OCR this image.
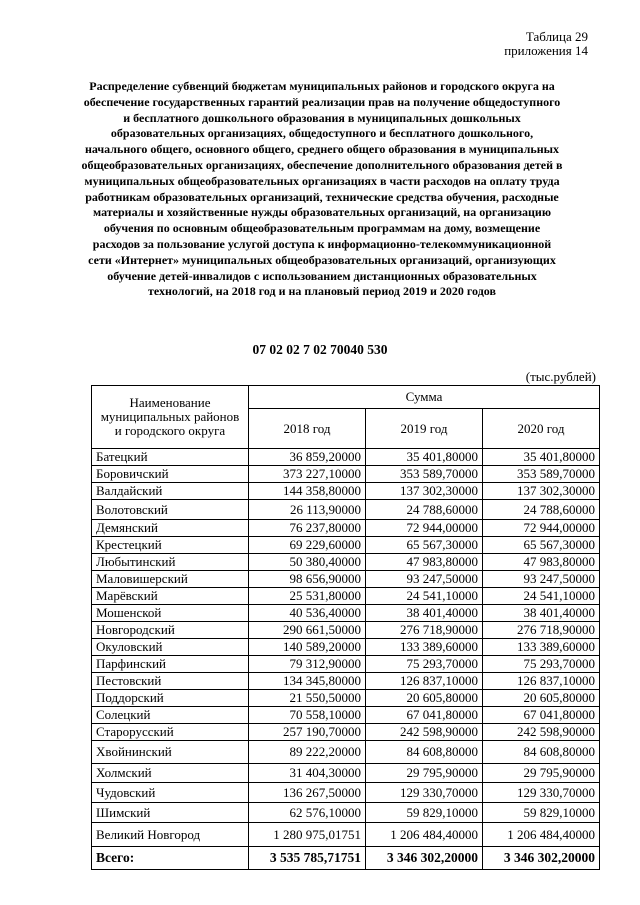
Таблица 29
приложения 14
Распределение субвенций бюджетам муниципальных районов и городского округа на обеспечение государственных гарантий реализации прав на получение общедоступного и бесплатного дошкольного образования в муниципальных дошкольных образовательных организациях, общедоступного и бесплатного дошкольного, начального общего, основного общего, среднего общего образования в муниципальных общеобразовательных организациях, обеспечение дополнительного образования детей в муниципальных общеобразовательных организациях в части расходов на оплату труда работникам образовательных организаций, технические средства обучения, расходные материалы и хозяйственные нужды образовательных организаций, на организацию обучения по основным общеобразовательным программам на дому, возмещение расходов за пользование услугой доступа к информационно-телекоммуникационной сети «Интернет» муниципальных общеобразовательных организаций, организующих обучение детей-инвалидов с использованием дистанционных образовательных технологий, на 2018 год и на плановый период 2019 и 2020 годов
07 02 02 7 02 70040 530
(тыс.рублей)
Наименование муниципальных районов и городского округа	Сумма		
	2018 год	2019 год	2020 год
Батецкий	36 859,20000	35 401,80000	35 401,80000
Боровичский	373 227,10000	353 589,70000	353 589,70000
Валдайский	144 358,80000	137 302,30000	137 302,30000
Волотовский	26 113,90000	24 788,60000	24 788,60000
Демянский	76 237,80000	72 944,00000	72 944,00000
Крестецкий	69 229,60000	65 567,30000	65 567,30000
Любытинский	50 380,40000	47 983,80000	47 983,80000
Маловишерский	98 656,90000	93 247,50000	93 247,50000
Марёвский	25 531,80000	24 541,10000	24 541,10000
Мошенской	40 536,40000	38 401,40000	38 401,40000
Новгородский	290 661,50000	276 718,90000	276 718,90000
Окуловский	140 589,20000	133 389,60000	133 389,60000
Парфинский	79 312,90000	75 293,70000	75 293,70000
Пестовский	134 345,80000	126 837,10000	126 837,10000
Поддорский	21 550,50000	20 605,80000	20 605,80000
Солецкий	70 558,10000	67 041,80000	67 041,80000
Старорусский	257 190,70000	242 598,90000	242 598,90000
Хвойнинский	89 222,20000	84 608,80000	84 608,80000
Холмский	31 404,30000	29 795,90000	29 795,90000
Чудовский	136 267,50000	129 330,70000	129 330,70000
Шимский	62 576,10000	59 829,10000	59 829,10000
Великий Новгород	1 280 975,01751	1 206 484,40000	1 206 484,40000
Всего:	3 535 785,71751	3 346 302,20000	3 346 302,20000
